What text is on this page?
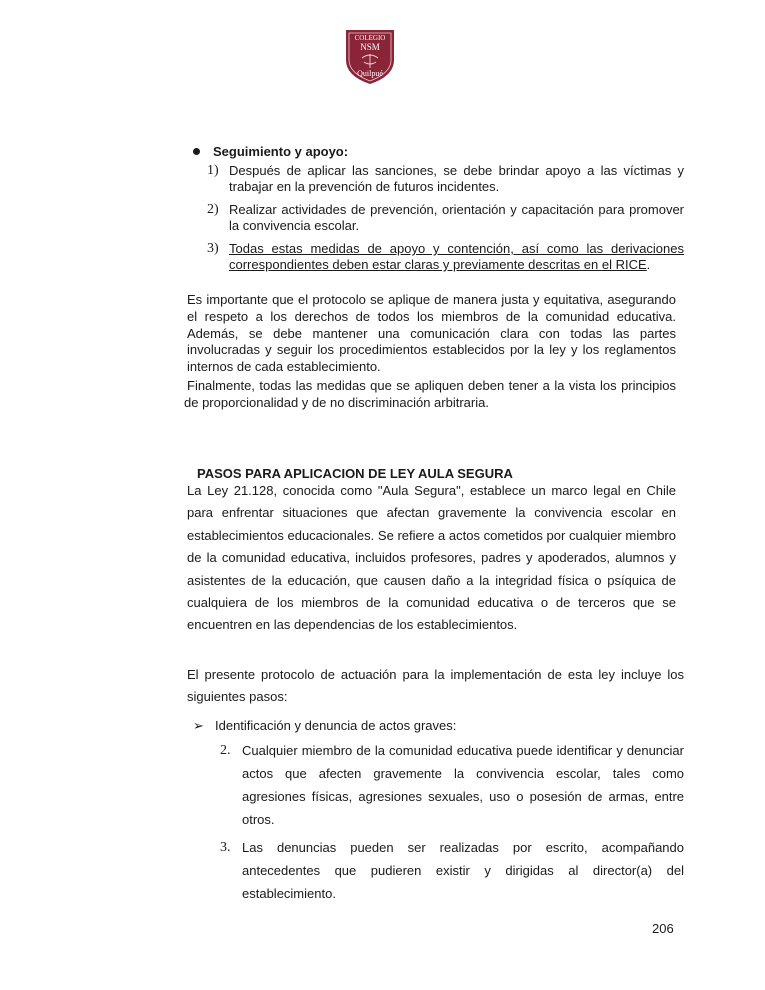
COLEGIO
NSM
Quilpué
Seguimiento y apoyo:
1) Después de aplicar las sanciones, se debe brindar apoyo a las víctimas y trabajar en la prevención de futuros incidentes.
2) Realizar actividades de prevención, orientación y capacitación para promover la convivencia escolar.
3) Todas estas medidas de apoyo y contención, así como las derivaciones correspondientes deben estar claras y previamente descritas en el RICE.
Es importante que el protocolo se aplique de manera justa y equitativa, asegurando el respeto a los derechos de todos los miembros de la comunidad educativa. Además, se debe mantener una comunicación clara con todas las partes involucradas y seguir los procedimientos establecidos por la ley y los reglamentos internos de cada establecimiento.
Finalmente, todas las medidas que se apliquen deben tener a la vista los principios de proporcionalidad y de no discriminación arbitraria.
PASOS PARA APLICACION DE LEY AULA SEGURA
La Ley 21.128, conocida como "Aula Segura", establece un marco legal en Chile para enfrentar situaciones que afectan gravemente la convivencia escolar en establecimientos educacionales. Se refiere a actos cometidos por cualquier miembro de la comunidad educativa, incluidos profesores, padres y apoderados, alumnos y asistentes de la educación, que causen daño a la integridad física o psíquica de cualquiera de los miembros de la comunidad educativa o de terceros que se encuentren en las dependencias de los establecimientos.
El presente protocolo de actuación para la implementación de esta ley incluye los siguientes pasos:
➢ Identificación y denuncia de actos graves:
2. Cualquier miembro de la comunidad educativa puede identificar y denunciar actos que afecten gravemente la convivencia escolar, tales como agresiones físicas, agresiones sexuales, uso o posesión de armas, entre otros.
3. Las denuncias pueden ser realizadas por escrito, acompañando antecedentes que pudieren existir y dirigidas al director(a) del establecimiento.
206
